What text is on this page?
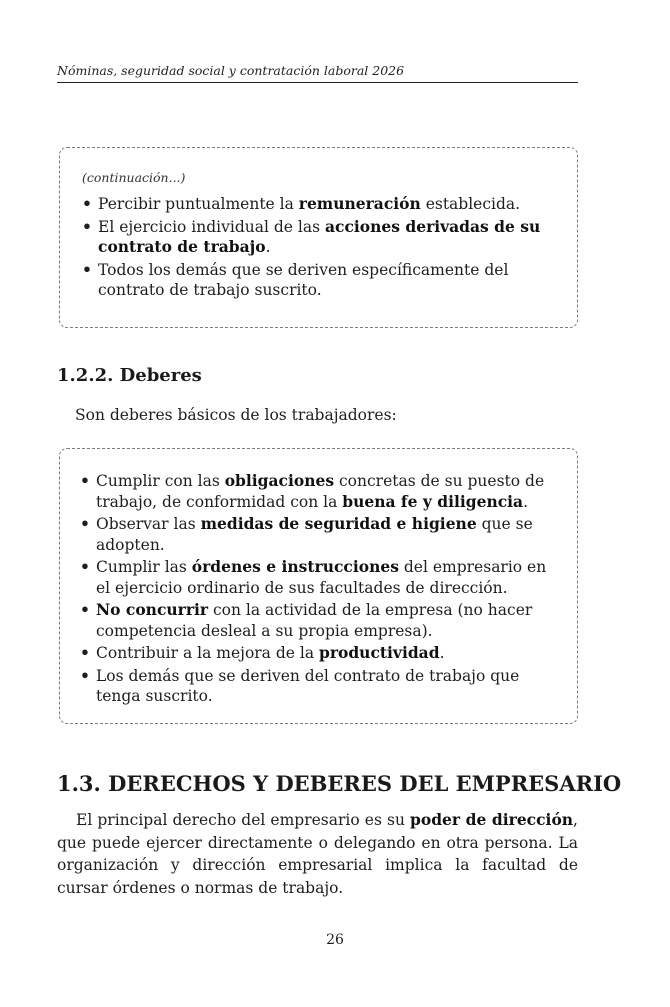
Nóminas, seguridad social y contratación laboral 2026

(continuación...)

• Percibir puntualmente la remuneración establecida.
• El ejercicio individual de las acciones derivadas de su contrato de trabajo.
• Todos los demás que se deriven específicamente del contrato de trabajo suscrito.
1.2.2. Deberes
Son deberes básicos de los trabajadores:
• Cumplir con las obligaciones concretas de su puesto de trabajo, de conformidad con la buena fe y diligencia.
• Observar las medidas de seguridad e higiene que se adopten.
• Cumplir las órdenes e instrucciones del empresario en el ejercicio ordinario de sus facultades de dirección.
• No concurrir con la actividad de la empresa (no hacer competencia desleal a su propia empresa).
• Contribuir a la mejora de la productividad.
• Los demás que se deriven del contrato de trabajo que tenga suscrito.
1.3. DERECHOS Y DEBERES DEL EMPRESARIO

El principal derecho del empresario es su poder de dirección, que puede ejercer directamente o delegando en otra persona. La organización y dirección empresarial implica la facultad de cursar órdenes o normas de trabajo.

26
